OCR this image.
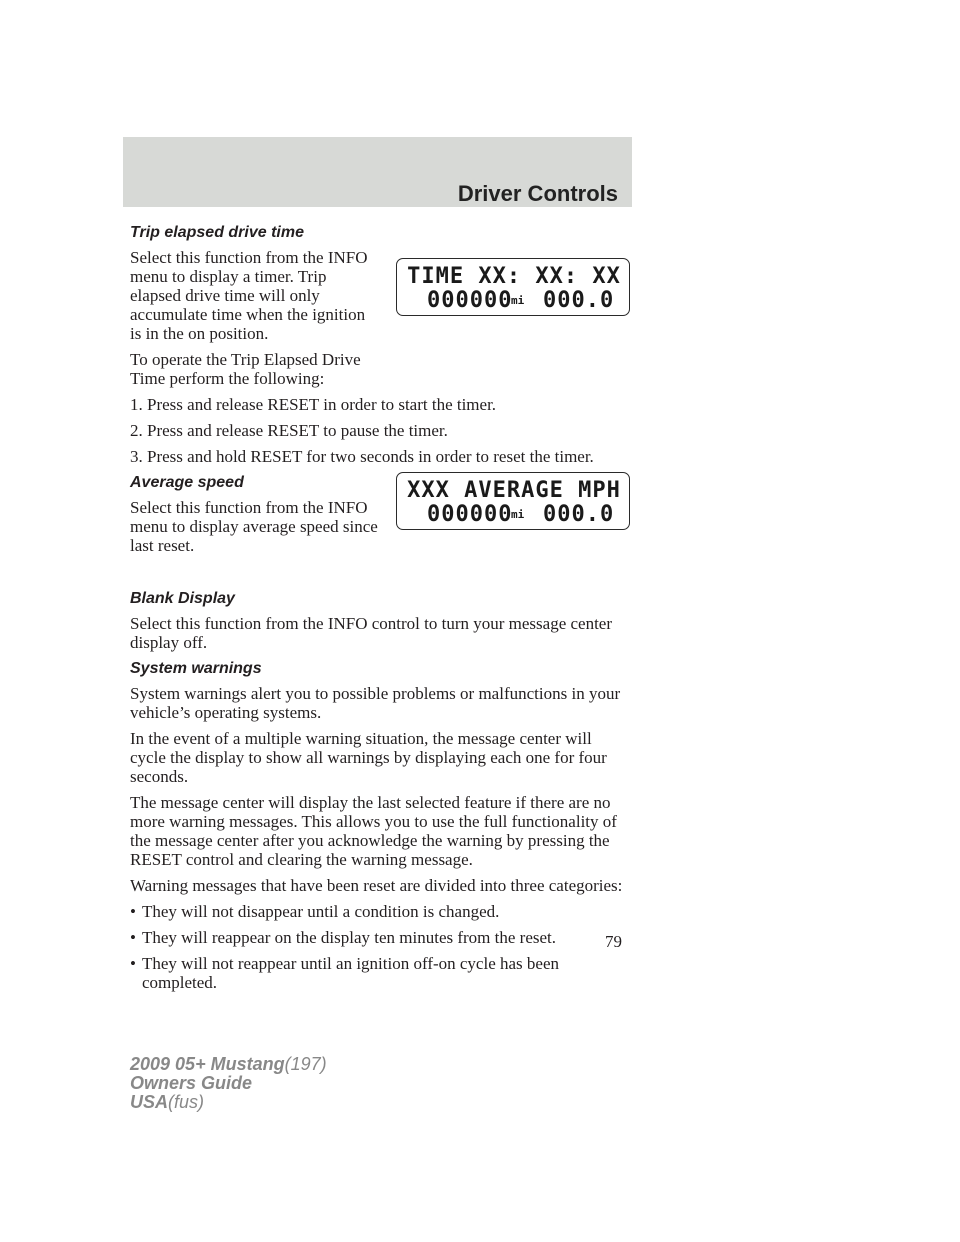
Driver Controls
Trip elapsed drive time

Select this function from the INFO menu to display a timer. Trip elapsed drive time will only accumulate time when the ignition is in the on position.

To operate the Trip Elapsed Drive Time perform the following:

1. Press and release RESET in order to start the timer.

2. Press and release RESET to pause the timer.

3. Press and hold RESET for two seconds in order to reset the timer.

Average speed

Select this function from the INFO menu to display average speed since last reset.

Blank Display

Select this function from the INFO control to turn your message center display off.

System warnings

System warnings alert you to possible problems or malfunctions in your vehicle’s operating systems.

In the event of a multiple warning situation, the message center will cycle the display to show all warnings by displaying each one for four seconds.

The message center will display the last selected feature if there are no more warning messages. This allows you to use the full functionality of the message center after you acknowledge the warning by pressing the RESET control and clearing the warning message.

Warning messages that have been reset are divided into three categories:

• They will not disappear until a condition is changed.
• They will reappear on the display ten minutes from the reset.
• They will not reappear until an ignition off-on cycle has been completed.
TIME XX: XX: XX
000000
mi 000.0
XXX AVERAGE MPH
000000
mi 000.0
79
2009 05+ Mustang(197)
Owners Guide
USA(fus)
